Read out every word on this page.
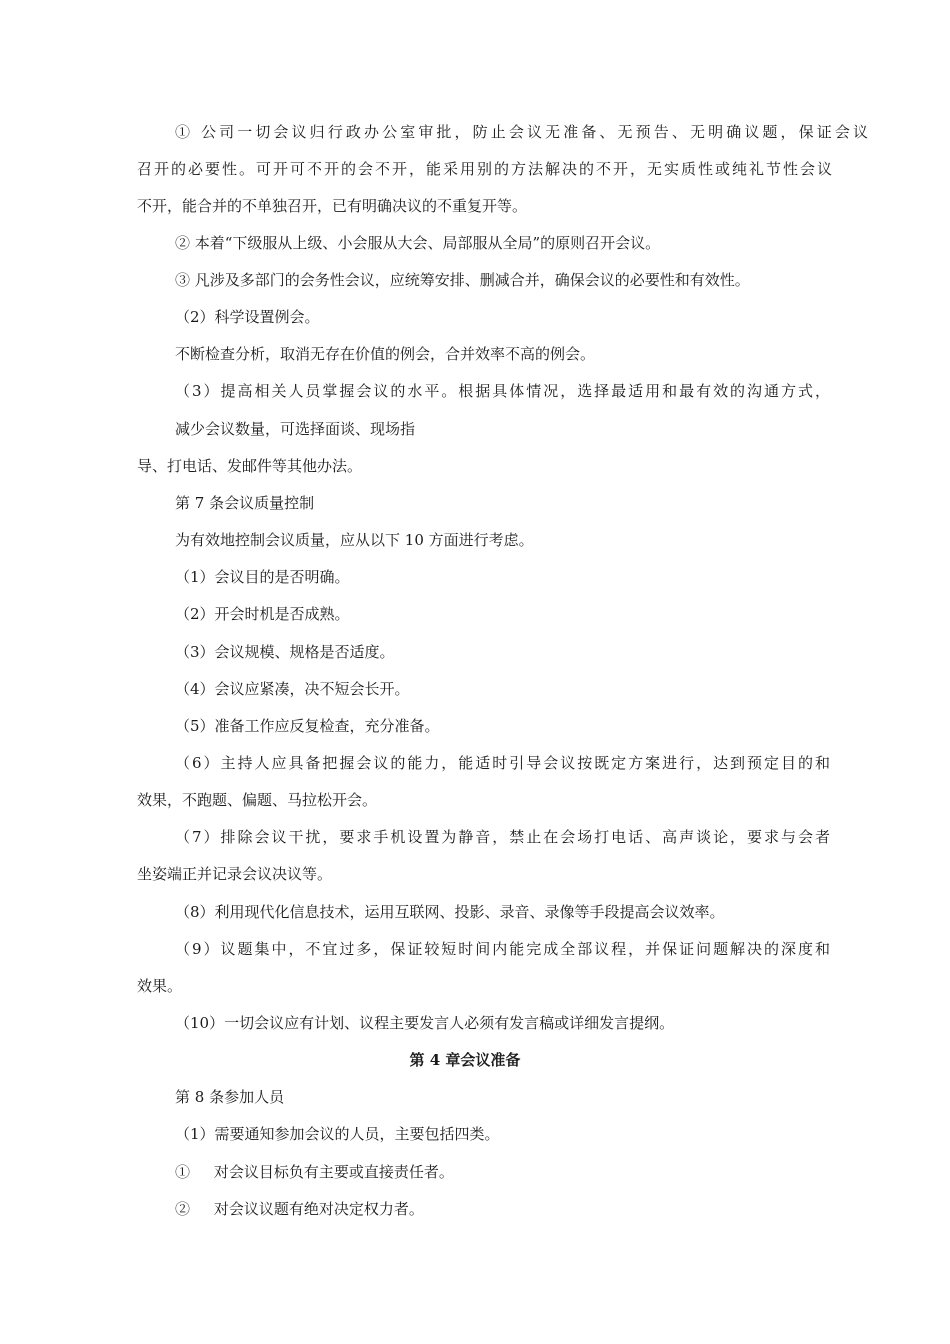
① 公司一切会议归行政办公室审批，防止会议无准备、无预告、无明确议题，保证会议
召开的必要性。可开可不开的会不开，能采用别的方法解决的不开，无实质性或纯礼节性会议
不开，能合并的不单独召开，已有明确决议的不重复开等。
② 本着“下级服从上级、小会服从大会、局部服从全局”的原则召开会议。
③ 凡涉及多部门的会务性会议，应统筹安排、删减合并，确保会议的必要性和有效性。
（2）科学设置例会。
不断检查分析，取消无存在价值的例会，合并效率不高的例会。
（3）提高相关人员掌握会议的水平。根据具体情况，选择最适用和最有效的沟通方式，
减少会议数量，可选择面谈、现场指
导、打电话、发邮件等其他办法。
第 7 条会议质量控制
为有效地控制会议质量，应从以下 10 方面进行考虑。
（1）会议目的是否明确。
（2）开会时机是否成熟。
（3）会议规模、规格是否适度。
（4）会议应紧凑，决不短会长开。
（5）准备工作应反复检查，充分准备。
（6）主持人应具备把握会议的能力，能适时引导会议按既定方案进行，达到预定目的和
效果，不跑题、偏题、马拉松开会。
（7）排除会议干扰，要求手机设置为静音，禁止在会场打电话、高声谈论，要求与会者
坐姿端正并记录会议决议等。
（8）利用现代化信息技术，运用互联网、投影、录音、录像等手段提高会议效率。
（9）议题集中，不宜过多，保证较短时间内能完成全部议程，并保证问题解决的深度和
效果。
（10）一切会议应有计划、议程主要发言人必须有发言稿或详细发言提纲。
第 4 章会议准备
第 8 条参加人员
（1）需要通知参加会议的人员，主要包括四类。
①     对会议目标负有主要或直接责任者。
②     对会议议题有绝对决定权力者。
